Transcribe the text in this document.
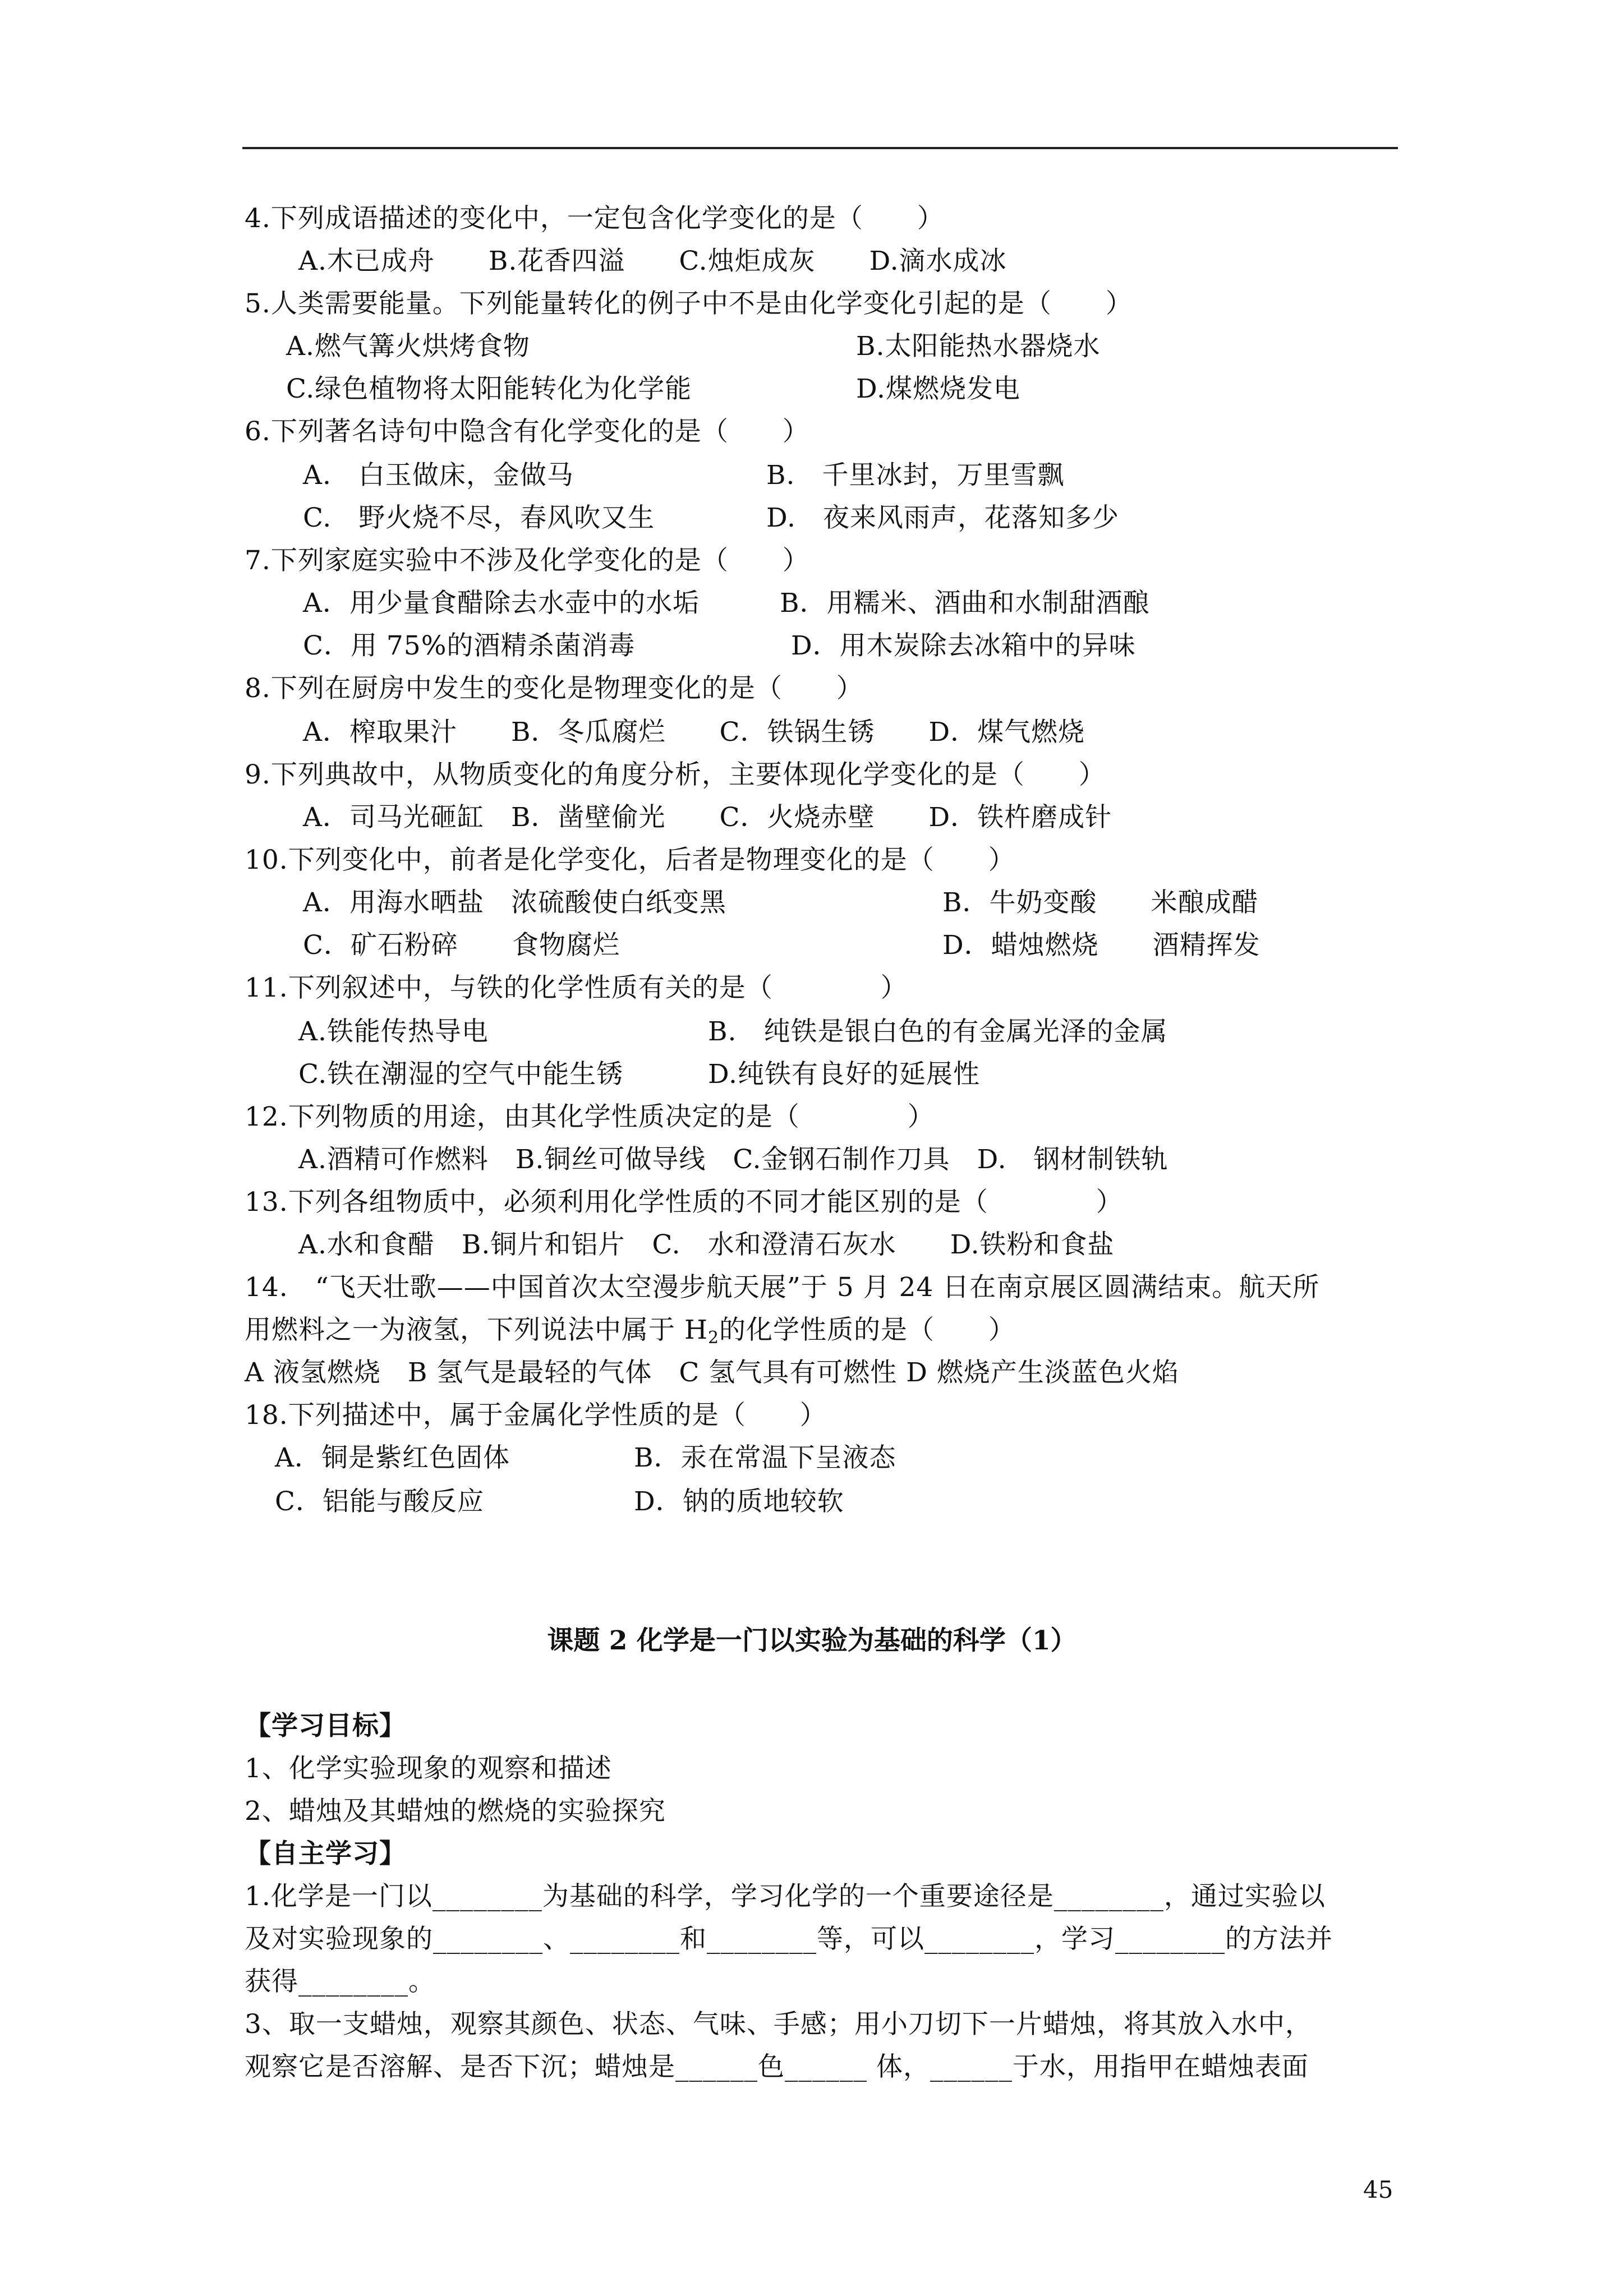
4.下列成语描述的变化中，一定包含化学变化的是（　　）
A.木已成舟　　B.花香四溢　　C.烛炬成灰　　D.滴水成冰
5.人类需要能量。下列能量转化的例子中不是由化学变化引起的是（　　）
A.燃气篝火烘烤食物	B.太阳能热水器烧水
C.绿色植物将太阳能转化为化学能	D.煤燃烧发电
6.下列著名诗句中隐含有化学变化的是（　　）
A.　白玉做床，金做马	B.　千里冰封，万里雪飘
C.　野火烧不尽，春风吹又生	D.　夜来风雨声，花落知多少
7.下列家庭实验中不涉及化学变化的是（　　）
A．用少量食醋除去水壶中的水垢	B．用糯米、酒曲和水制甜酒酿
C．用 75%的酒精杀菌消毒	D．用木炭除去冰箱中的异味
8.下列在厨房中发生的变化是物理变化的是（　　）
A．榨取果汁　　B．冬瓜腐烂　　C．铁锅生锈　　D．煤气燃烧
9.下列典故中，从物质变化的角度分析，主要体现化学变化的是（　　）
A．司马光砸缸　B．凿壁偷光　　C．火烧赤壁　　D．铁杵磨成针
10.下列变化中，前者是化学变化，后者是物理变化的是（　　）
A．用海水晒盐　浓硫酸使白纸变黑	B．牛奶变酸　　米酿成醋
C．矿石粉碎　　食物腐烂	D．蜡烛燃烧　　酒精挥发
11.下列叙述中，与铁的化学性质有关的是（　　　　）
A.铁能传热导电	B.　纯铁是银白色的有金属光泽的金属
C.铁在潮湿的空气中能生锈	D.纯铁有良好的延展性
12.下列物质的用途，由其化学性质决定的是（　　　　）
A.酒精可作燃料　B.铜丝可做导线　C.金钢石制作刀具　D.　钢材制铁轨
13.下列各组物质中，必须利用化学性质的不同才能区别的是（　　　　）
A.水和食醋　B.铜片和铝片　C.　水和澄清石灰水　　D.铁粉和食盐
14.　“飞天壮歌——中国首次太空漫步航天展”于 5 月 24 日在南京展区圆满结束。航天所
用燃料之一为液氢，下列说法中属于 $H_2$的化学性质的是（　　）
A 液氢燃烧　B 氢气是最轻的气体　C 氢气具有可燃性 D 燃烧产生淡蓝色火焰
18.下列描述中，属于金属化学性质的是（　　）
A．铜是紫红色固体	B．汞在常温下呈液态
C．铝能与酸反应	D．钠的质地较软
课题 2 化学是一门以实验为基础的科学（1）
【学习目标】
1、化学实验现象的观察和描述
2、蜡烛及其蜡烛的燃烧的实验探究
【自主学习】
1.化学是一门以________为基础的科学，学习化学的一个重要途径是________，通过实验以
及对实验现象的________、________和________等，可以________，学习________的方法并
获得________。
3、取一支蜡烛，观察其颜色、状态、气味、手感；用小刀切下一片蜡烛，将其放入水中，
观察它是否溶解、是否下沉；蜡烛是______色______ 体，______于水，用指甲在蜡烛表面
45
